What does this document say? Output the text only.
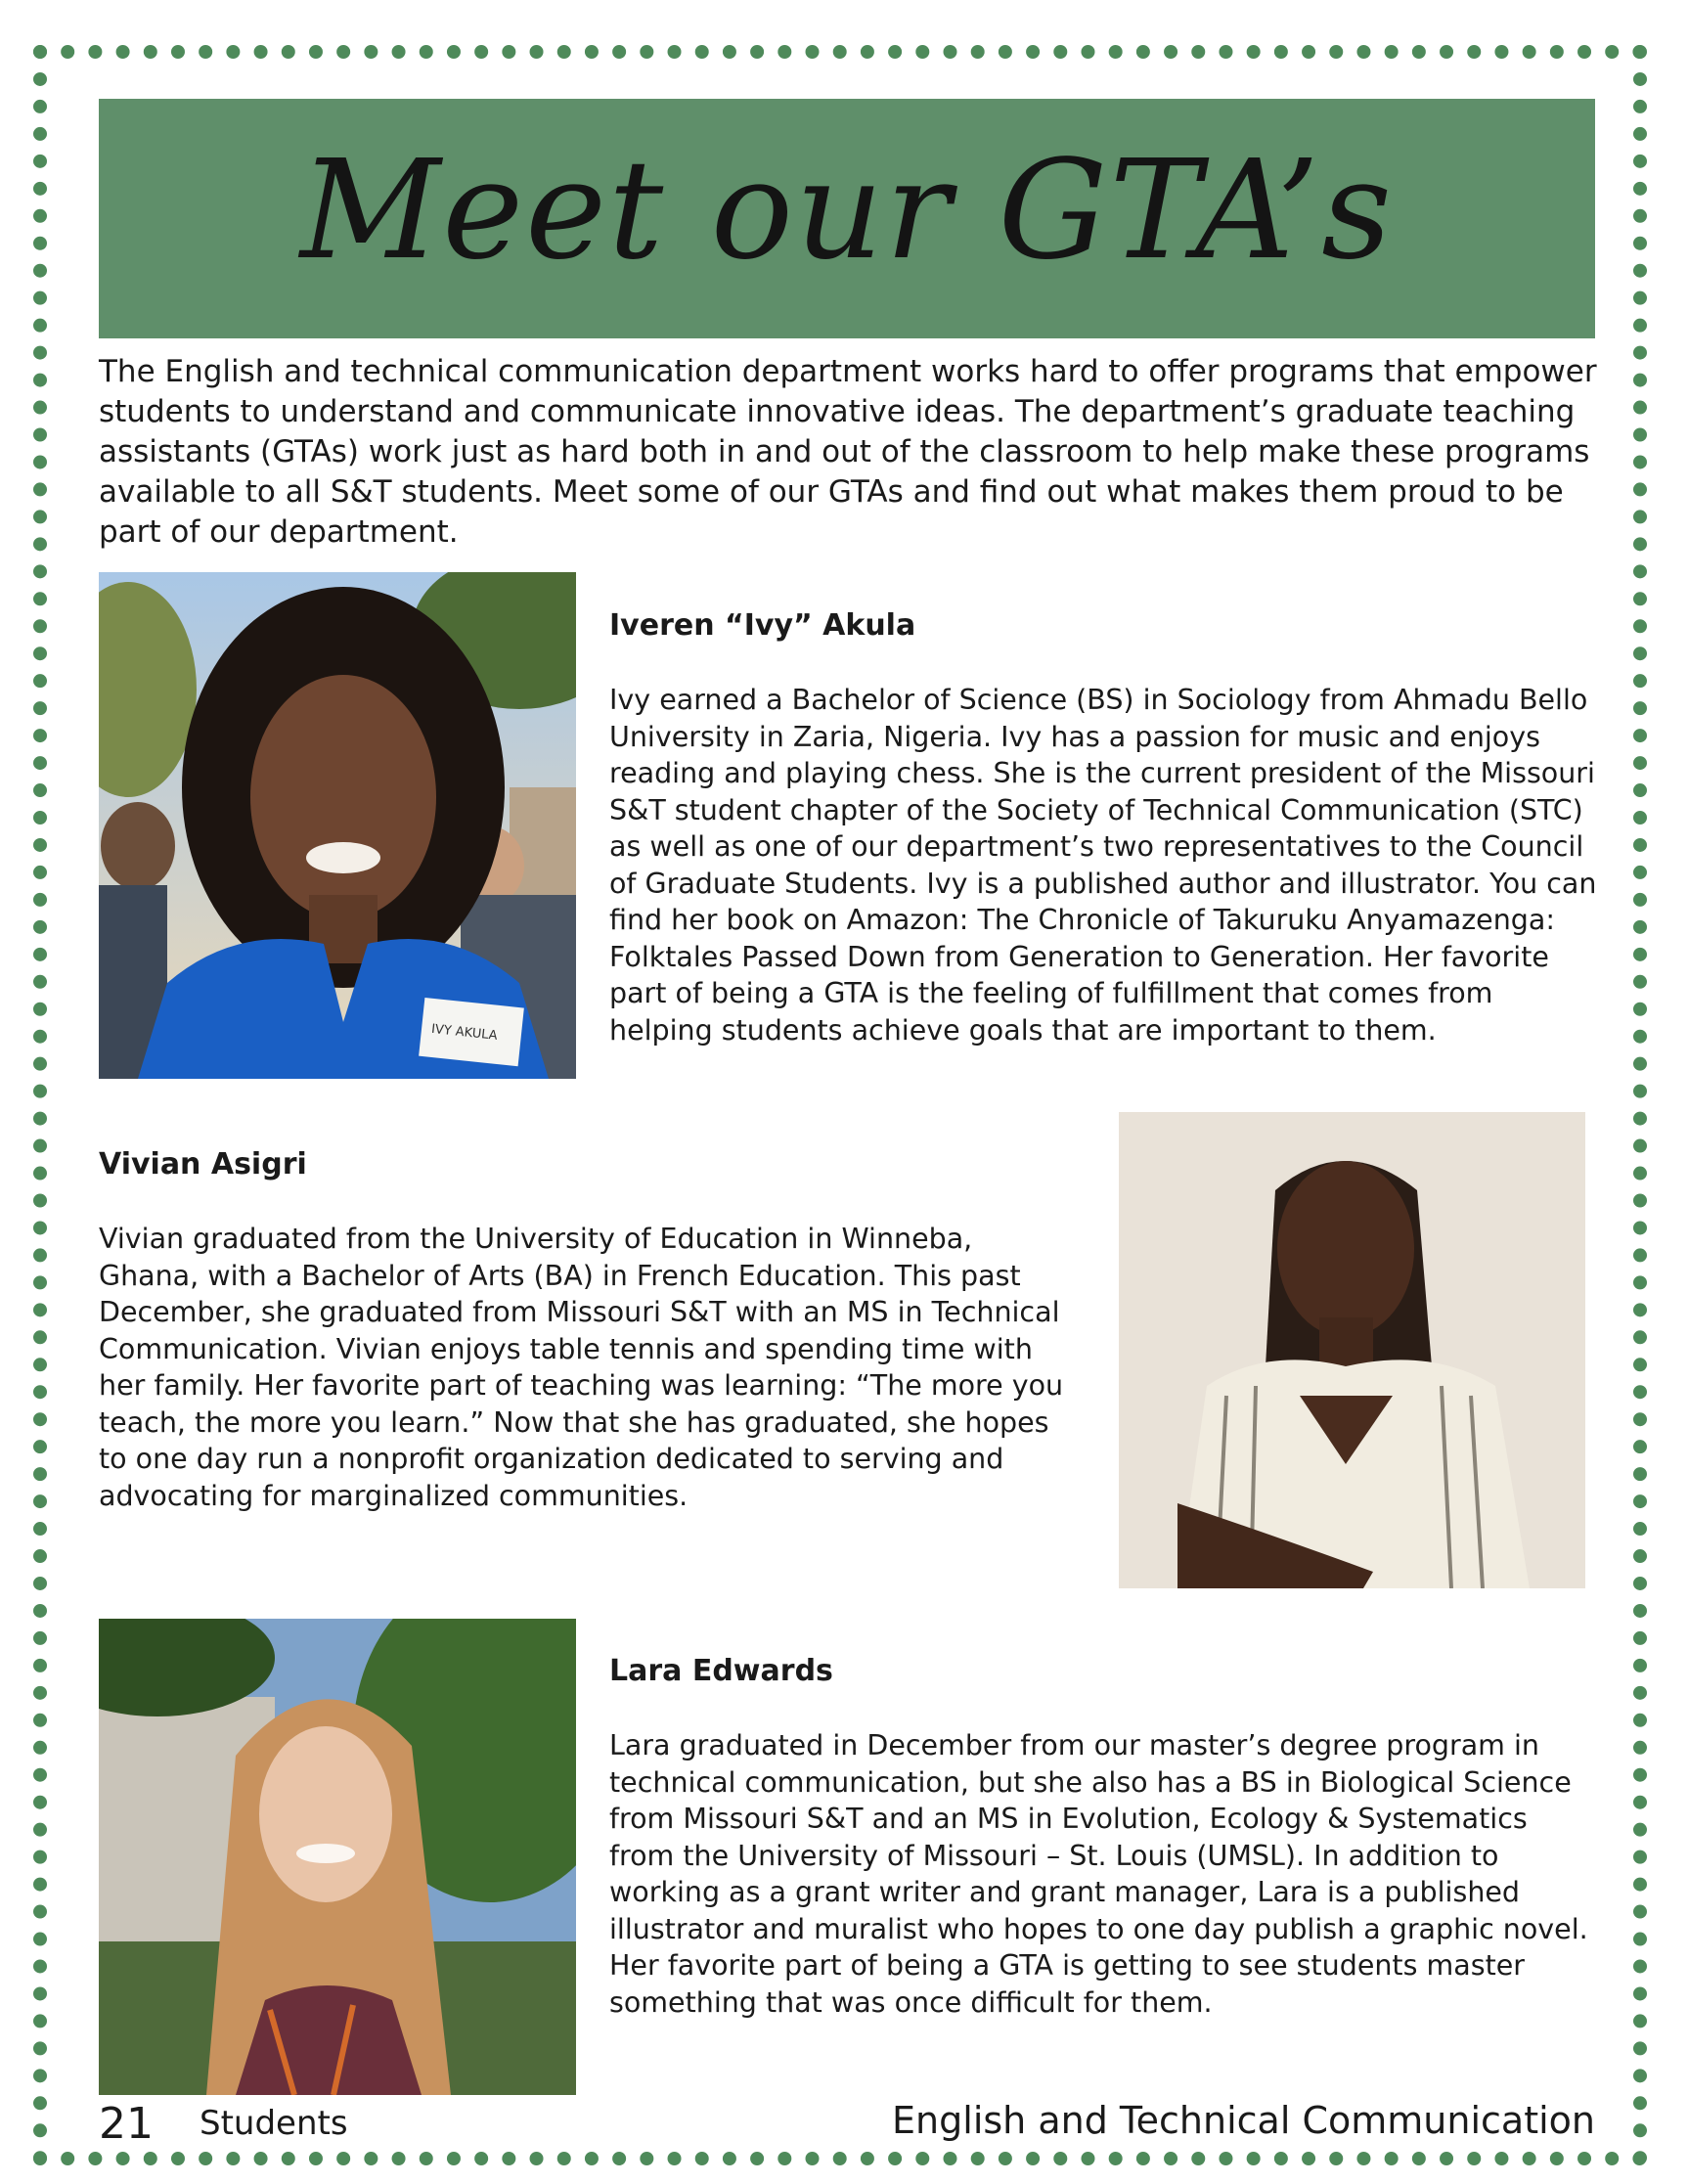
Meet our GTA’s

The English and technical communication department works hard to offer programs that empower students to understand and communicate innovative ideas. The department’s graduate teaching assistants (GTAs) work just as hard both in and out of the classroom to help make these programs available to all S&T students. Meet some of our GTAs and find out what makes them proud to be part of our department.

IVY AKULA
Iveren “Ivy” Akula

Ivy earned a Bachelor of Science (BS) in Sociology from Ahmadu Bello University in Zaria, Nigeria. Ivy has a passion for music and enjoys reading and playing chess. She is the current president of the Missouri S&T student chapter of the Society of Technical Communication (STC) as well as one of our department’s two representatives to the Council of Graduate Students. Ivy is a published author and illustrator. You can find her book on Amazon: The Chronicle of Takuruku Anyamazenga: Folktales Passed Down from Generation to Generation. Her favorite part of being a GTA is the feeling of fulfillment that comes from helping students achieve goals that are important to them.

Vivian Asigri

Vivian graduated from the University of Education in Winneba, Ghana, with a Bachelor of Arts (BA) in French Education. This past December, she graduated from Missouri S&T with an MS in Technical Communication. Vivian enjoys table tennis and spending time with her family. Her favorite part of teaching was learning: “The more you teach, the more you learn.” Now that she has graduated, she hopes to one day run a nonprofit organization dedicated to serving and advocating for marginalized communities.

Lara Edwards

Lara graduated in December from our master’s degree program in technical communication, but she also has a BS in Biological Science from Missouri S&T and an MS in Evolution, Ecology & Systematics from the University of Missouri – St. Louis (UMSL). In addition to working as a grant writer and grant manager, Lara is a published illustrator and muralist who hopes to one day publish a graphic novel. Her favorite part of being a GTA is getting to see students master something that was once difficult for them.

21 Students	English and Technical Communication
